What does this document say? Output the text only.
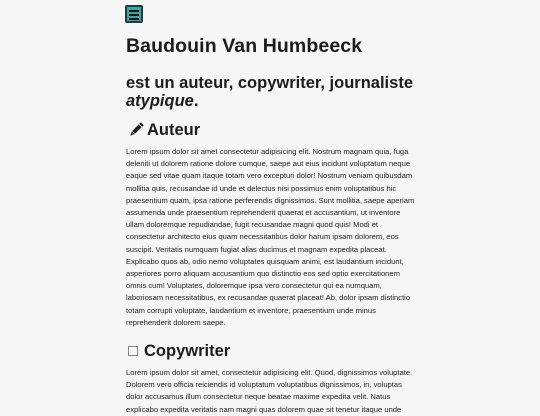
Baudouin Van Humbeeck
est un auteur, copywriter, journaliste atypique.
Auteur

Lorem ipsum dolor sit amet consectetur adipisicing elit. Nostrum magnam quia, fuga deleniti ut dolorem ratione dolore cumque, saepe aut eius incidunt voluptatum neque eaque sed vitae quam itaque totam vero excepturi dolor! Nostrum veniam quibusdam mollitia quis, recusandae id unde et delectus nisi possimus enim voluptatibus hic praesentium quam, ipsa ratione perferendis dignissimos. Sunt mollitia, saepe aperiam assumenda unde praesentium reprehenderit quaerat et accusantium, ut inventore ullam doloremque repudiandae, fugit recusandae magni quod quis! Modi et consectetur architecto eius quam necessitatibus dolor harum ipsam dolorem, eos suscipit. Veritatis numquam fugiat alias ducimus et magnam expedita placeat. Explicabo quos ab, odio nemo voluptates quisquam animi, est laudantium incidunt, asperiores porro aliquam accusantium quo distinctio eos sed optio exercitationem omnis cum! Voluptates, doloremque ipsa vero consectetur qui ea numquam, laboriosam necessitatibus, ex recusandae quaerat placeat! Ab, dolor ipsam distinctio totam corrupti voluptate, laudantium et inventore, praesentium unde minus reprehenderit dolorem saepe.

Copywriter

Lorem ipsum dolor sit amet, consectetur adipisicing elit. Quod, dignissimos voluptate. Dolorem vero officia reiciendis id voluptatum voluptatibus dignissimos, in, voluptas dolor accusamus illum consectetur neque beatae maxime expedita velit. Natus explicabo expedita veritatis nam magni quas dolorem quae sit tenetur itaque unde
